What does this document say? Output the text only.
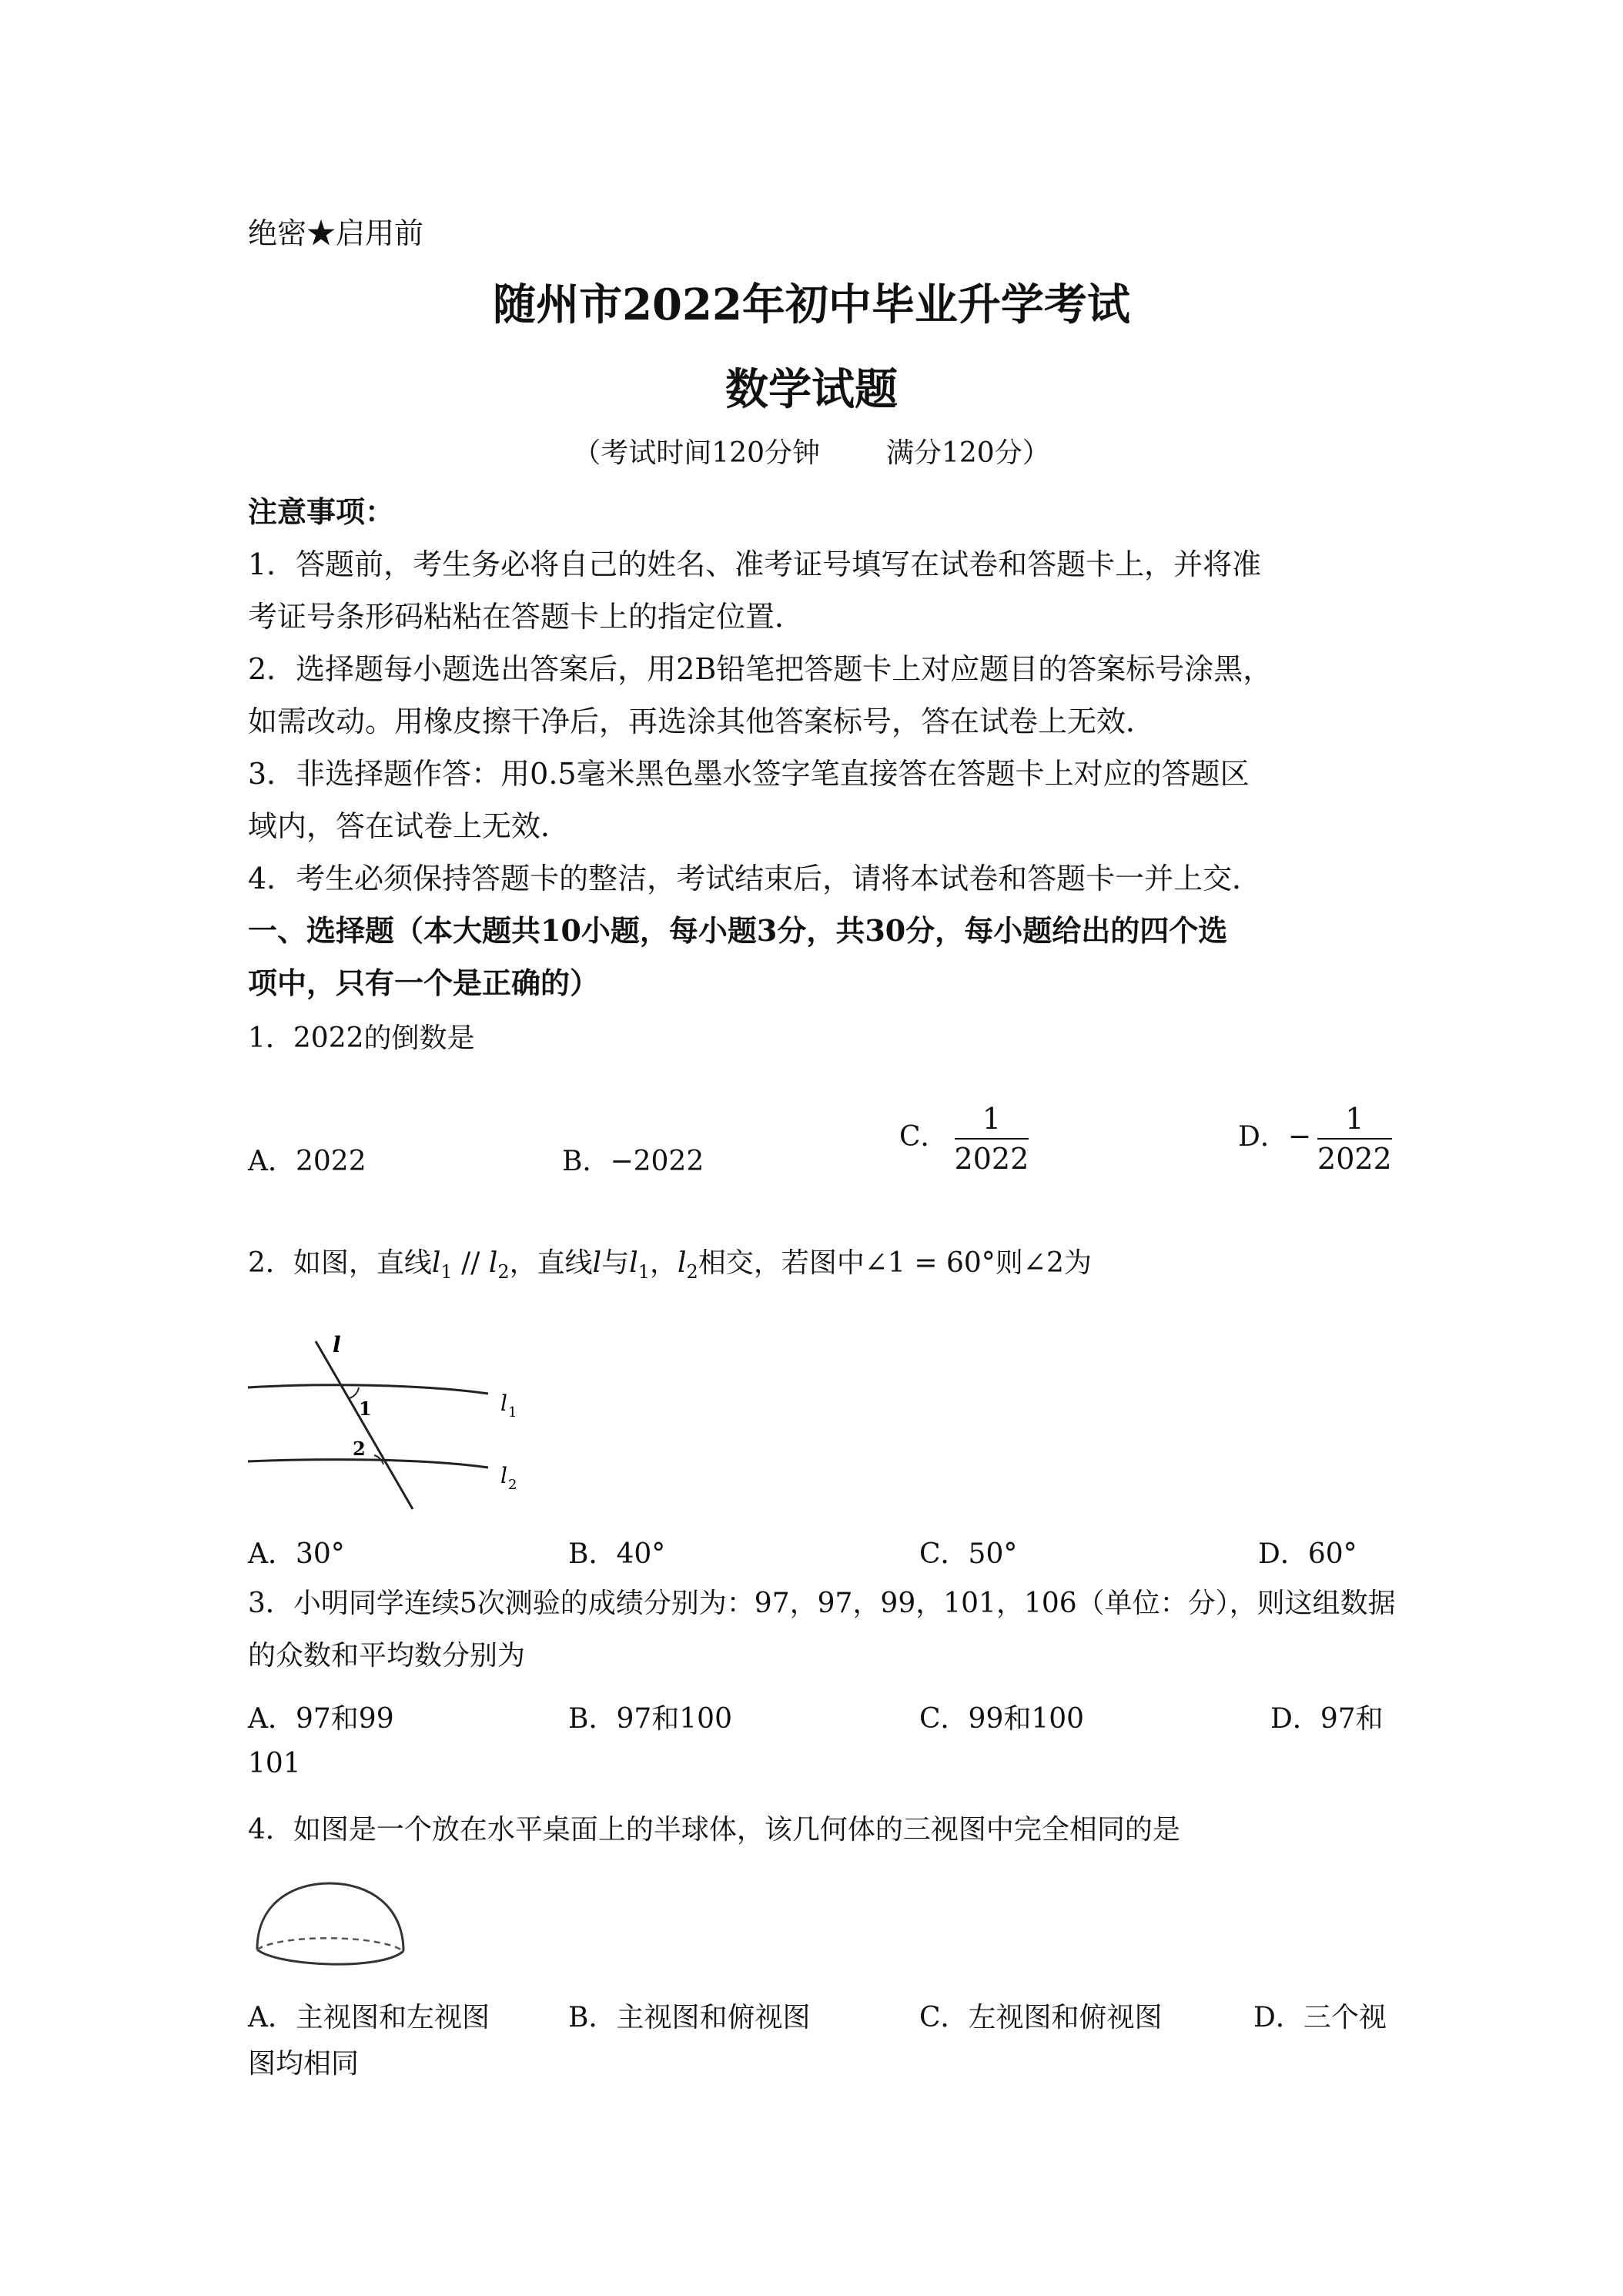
绝密★启用前
随州市2022年初中毕业升学考试
数学试题
（考试时间120分钟 满分120分）
注意事项：
1．答题前，考生务必将自己的姓名、准考证号填写在试卷和答题卡上，并将准
考证号条形码粘粘在答题卡上的指定位置．
2．选择题每小题选出答案后，用2B铅笔把答题卡上对应题目的答案标号涂黑，
如需改动。用橡皮擦干净后，再选涂其他答案标号，答在试卷上无效．
3．非选择题作答：用0.5毫米黑色墨水签字笔直接答在答题卡上对应的答题区
域内，答在试卷上无效．
4．考生必须保持答题卡的整洁，考试结束后，请将本试卷和答题卡一并上交．
一、选择题（本大题共10小题，每小题3分，共30分，每小题给出的四个选
项中，只有一个是正确的）
1．2022的倒数是
A．2022	B．−2022
C． $\frac{1}{2022}$	D．− $\frac{1}{2022}$
2．如图，直线$l_1 // l_2$，直线l与$l_1$，$l_2$相交，若图中∠1 = 60°则∠2为
l
1
2
l 1
l 2
A．30°	B．40°	C．50°	D．60°
3．小明同学连续5次测验的成绩分别为：97，97，99，101，106（单位：分），则这组数据
的众数和平均数分别为
A．97和99	B．97和100	C．99和100	D．97和
101
4．如图是一个放在水平桌面上的半球体，该几何体的三视图中完全相同的是
A．主视图和左视图	B．主视图和俯视图	C．左视图和俯视图	D．三个视
图均相同
